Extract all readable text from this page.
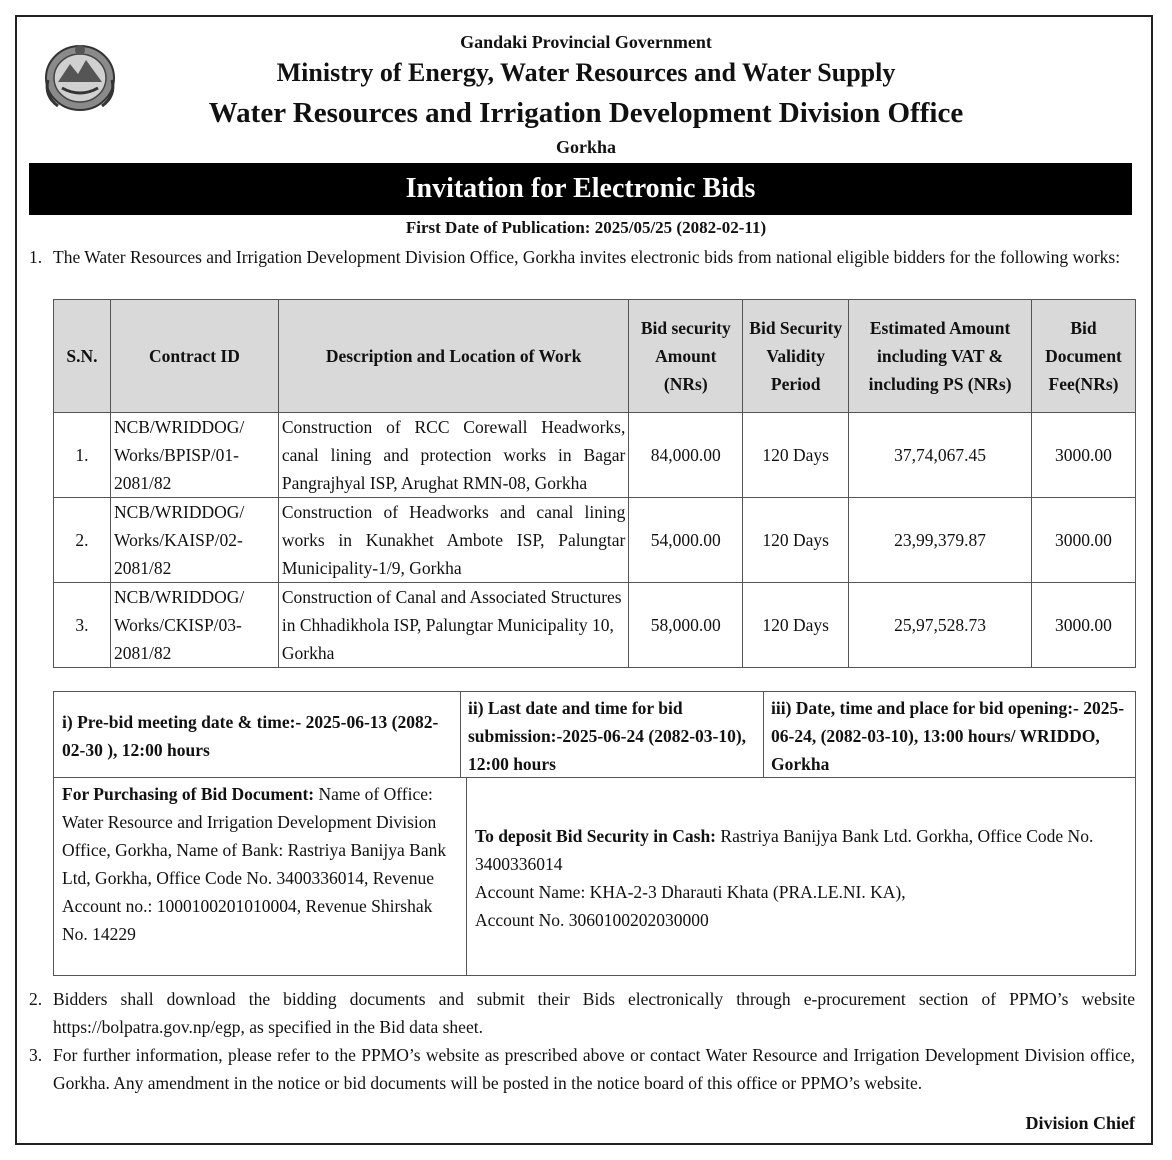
Gandaki Provincial Government
Ministry of Energy, Water Resources and Water Supply
Water Resources and Irrigation Development Division Office
Gorkha
Invitation for Electronic Bids
First Date of Publication: 2025/05/25 (2082-02-11)
1. The Water Resources and Irrigation Development Division Office, Gorkha invites electronic bids from national eligible bidders for the following works:
S.N.	Contract ID	Description and Location of Work	Bid security Amount (NRs)	Bid Security Validity Period	Estimated Amount including VAT & including PS (NRs)	Bid Document Fee(NRs)
1.	NCB/WRIDDOG/ Works/BPISP/01- 2081/82	Construction of RCC Corewall Headworks, canal lining and protection works in Bagar Pangrajhyal ISP, Arughat RMN-08, Gorkha	84,000.00	120 Days	37,74,067.45	3000.00
2.	NCB/WRIDDOG/ Works/KAISP/02- 2081/82	Construction of Headworks and canal lining works in Kunakhet Ambote ISP, Palungtar Municipality-1/9, Gorkha	54,000.00	120 Days	23,99,379.87	3000.00
3.	NCB/WRIDDOG/ Works/CKISP/03- 2081/82	Construction of Canal and Associated Structures in Chhadikhola ISP, Palungtar Municipality 10, Gorkha	58,000.00	120 Days	25,97,528.73	3000.00
i) Pre-bid meeting date & time:- 2025-06-13 (2082-02-30 ), 12:00 hours
ii) Last date and time for bid submission:-2025-06-24 (2082-03-10), 12:00 hours
iii) Date, time and place for bid opening:- 2025-06-24, (2082-03-10), 13:00 hours/ WRIDDO, Gorkha
For Purchasing of Bid Document: Name of Office: Water Resource and Irrigation Development Division Office, Gorkha, Name of Bank: Rastriya Banijya Bank Ltd, Gorkha, Office Code No. 3400336014, Revenue Account no.: 1000100201010004, Revenue Shirshak No. 14229
To deposit Bid Security in Cash: Rastriya Banijya Bank Ltd. Gorkha, Office Code No. 3400336014
Account Name: KHA-2-3 Dharauti Khata (PRA.LE.NI. KA),
Account No. 3060100202030000
2. Bidders shall download the bidding documents and submit their Bids electronically through e-procurement section of PPMO’s website https://bolpatra.gov.np/egp, as specified in the Bid data sheet.
3. For further information, please refer to the PPMO’s website as prescribed above or contact Water Resource and Irrigation Development Division office, Gorkha. Any amendment in the notice or bid documents will be posted in the notice board of this office or PPMO’s website.
Division Chief
